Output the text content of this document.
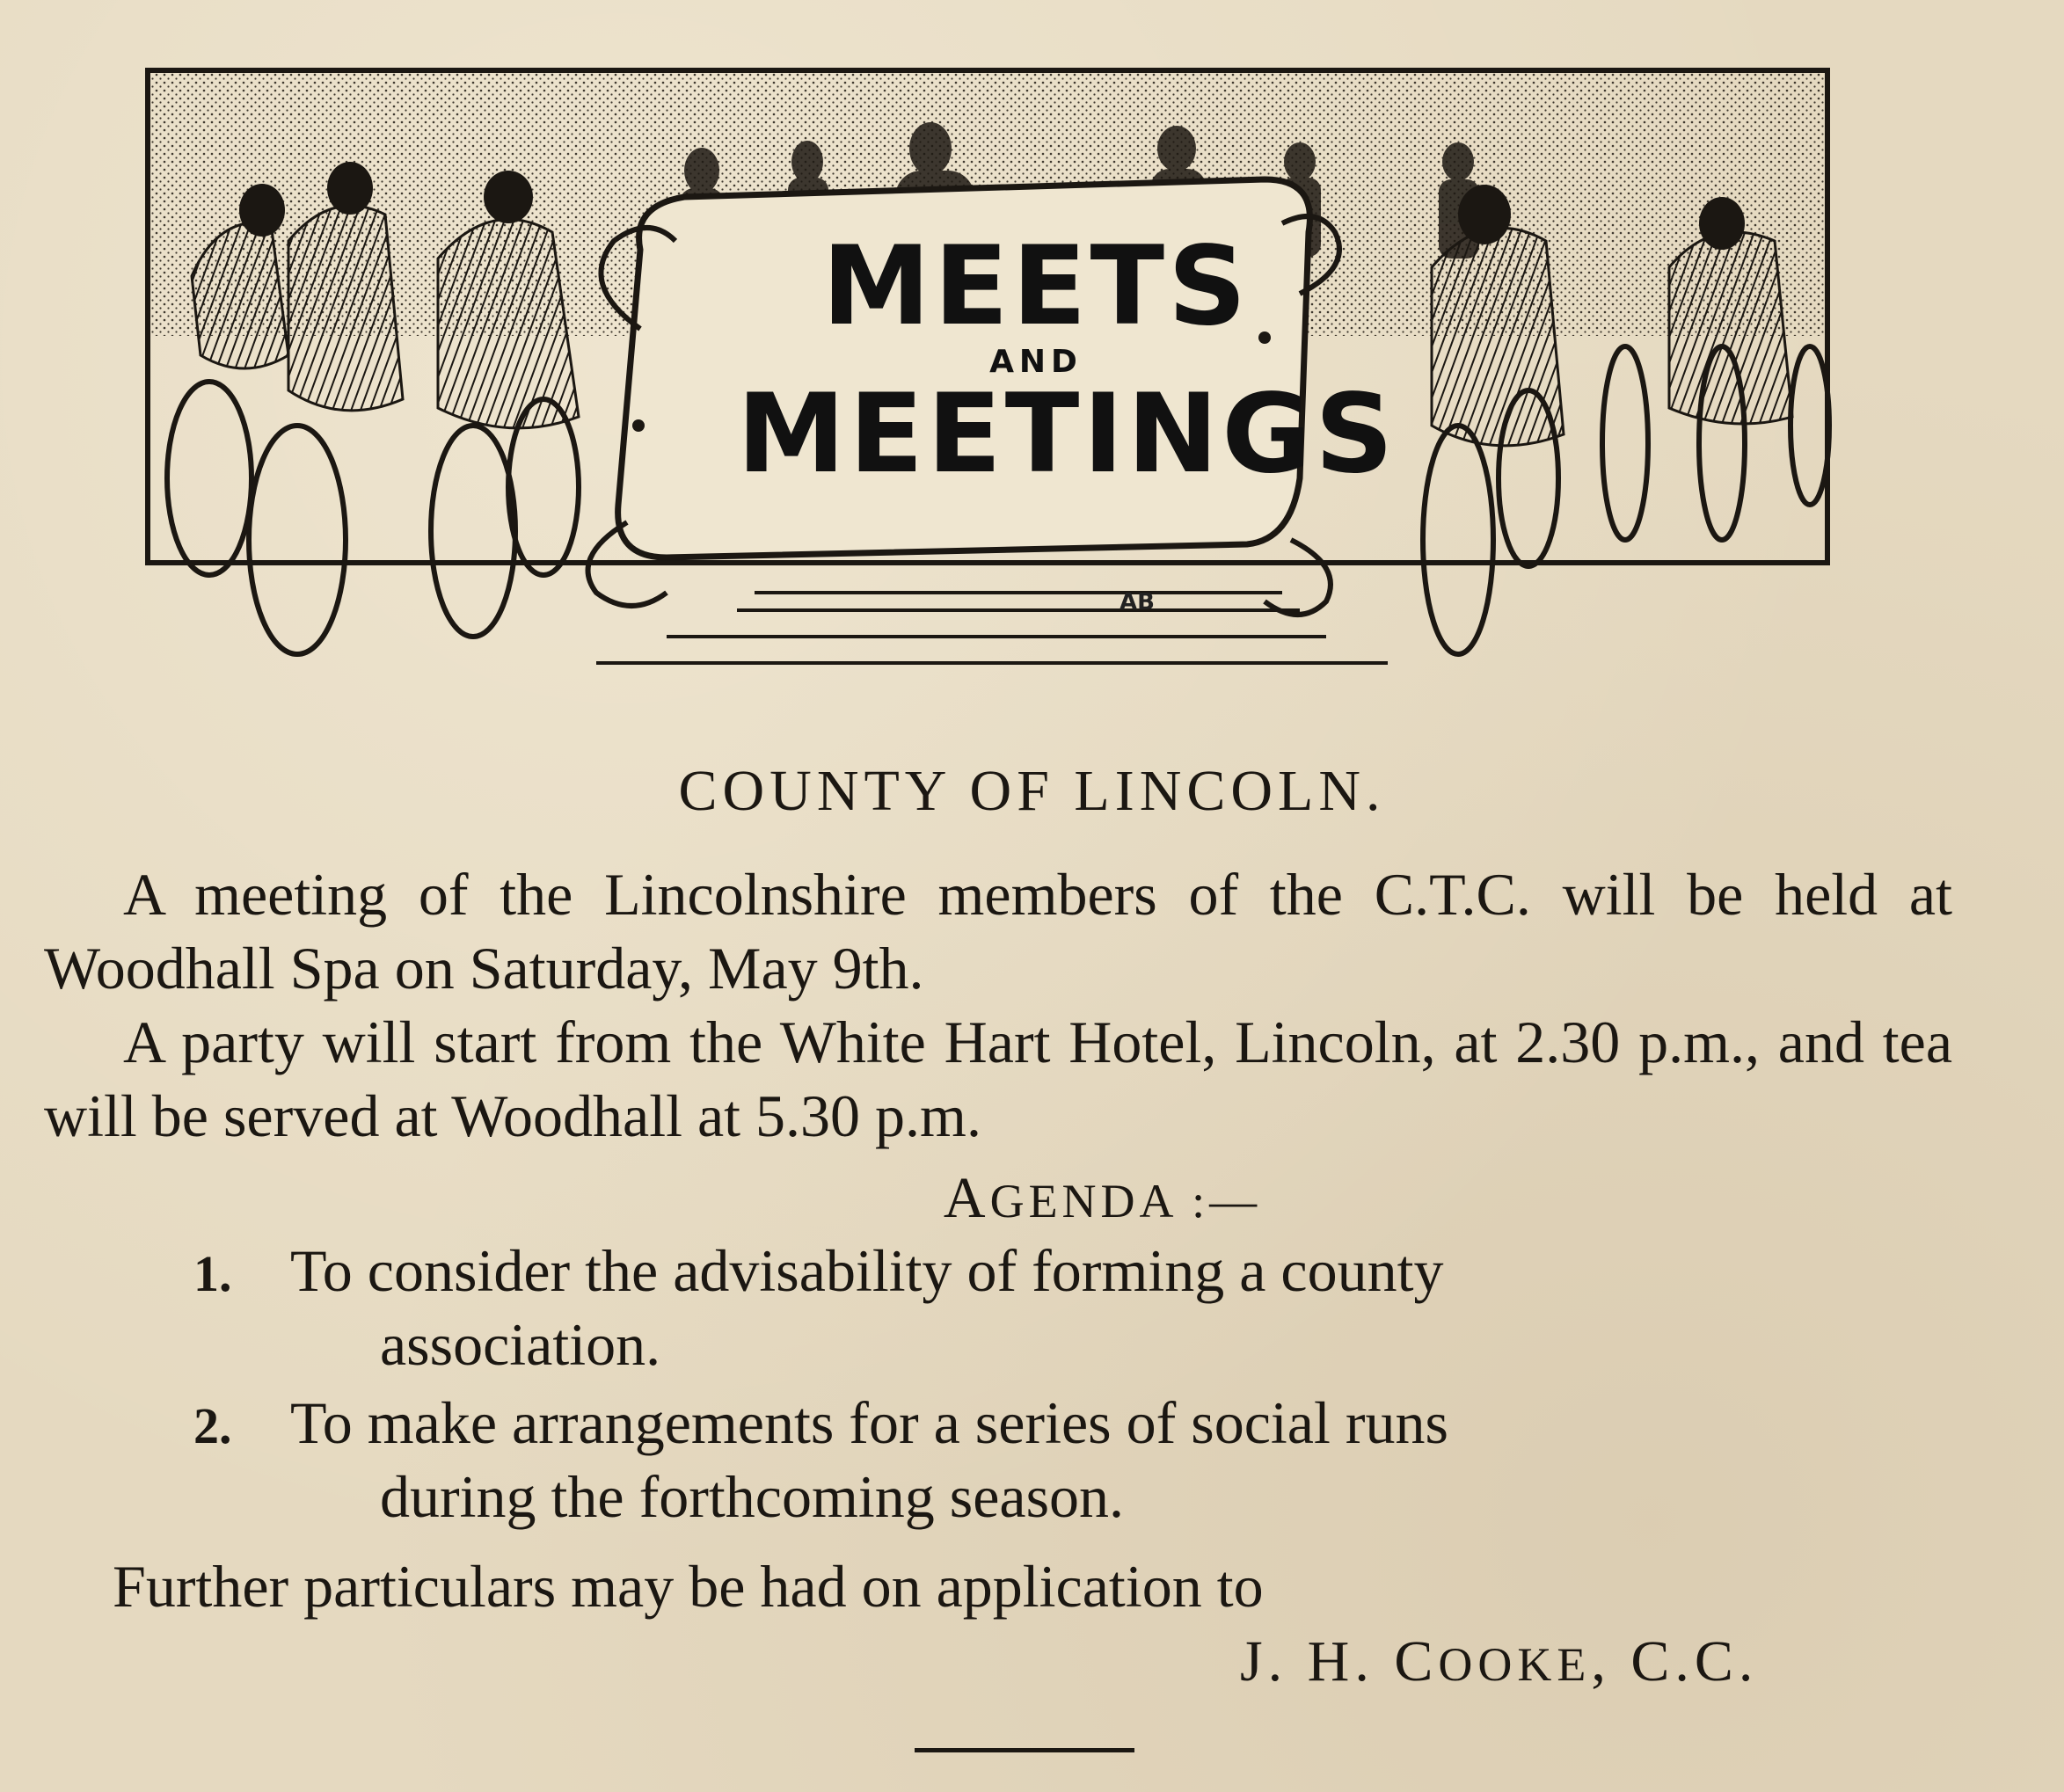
MEETS
AND
MEETINGS
AB
COUNTY OF LINCOLN.
A meeting of the Lincolnshire members of the C.T.C. will be held at Woodhall Spa on Saturday, May 9th.
A party will start from the White Hart Hotel, Lincoln, at 2.30 p.m., and tea will be served at Woodhall at 5.30 p.m.
AGENDA :—
1. To consider the advisability of forming a county
association.
2. To make arrangements for a series of social runs
during the forthcoming season.
Further particulars may be had on application to
J. H. COOKE, C.C.
